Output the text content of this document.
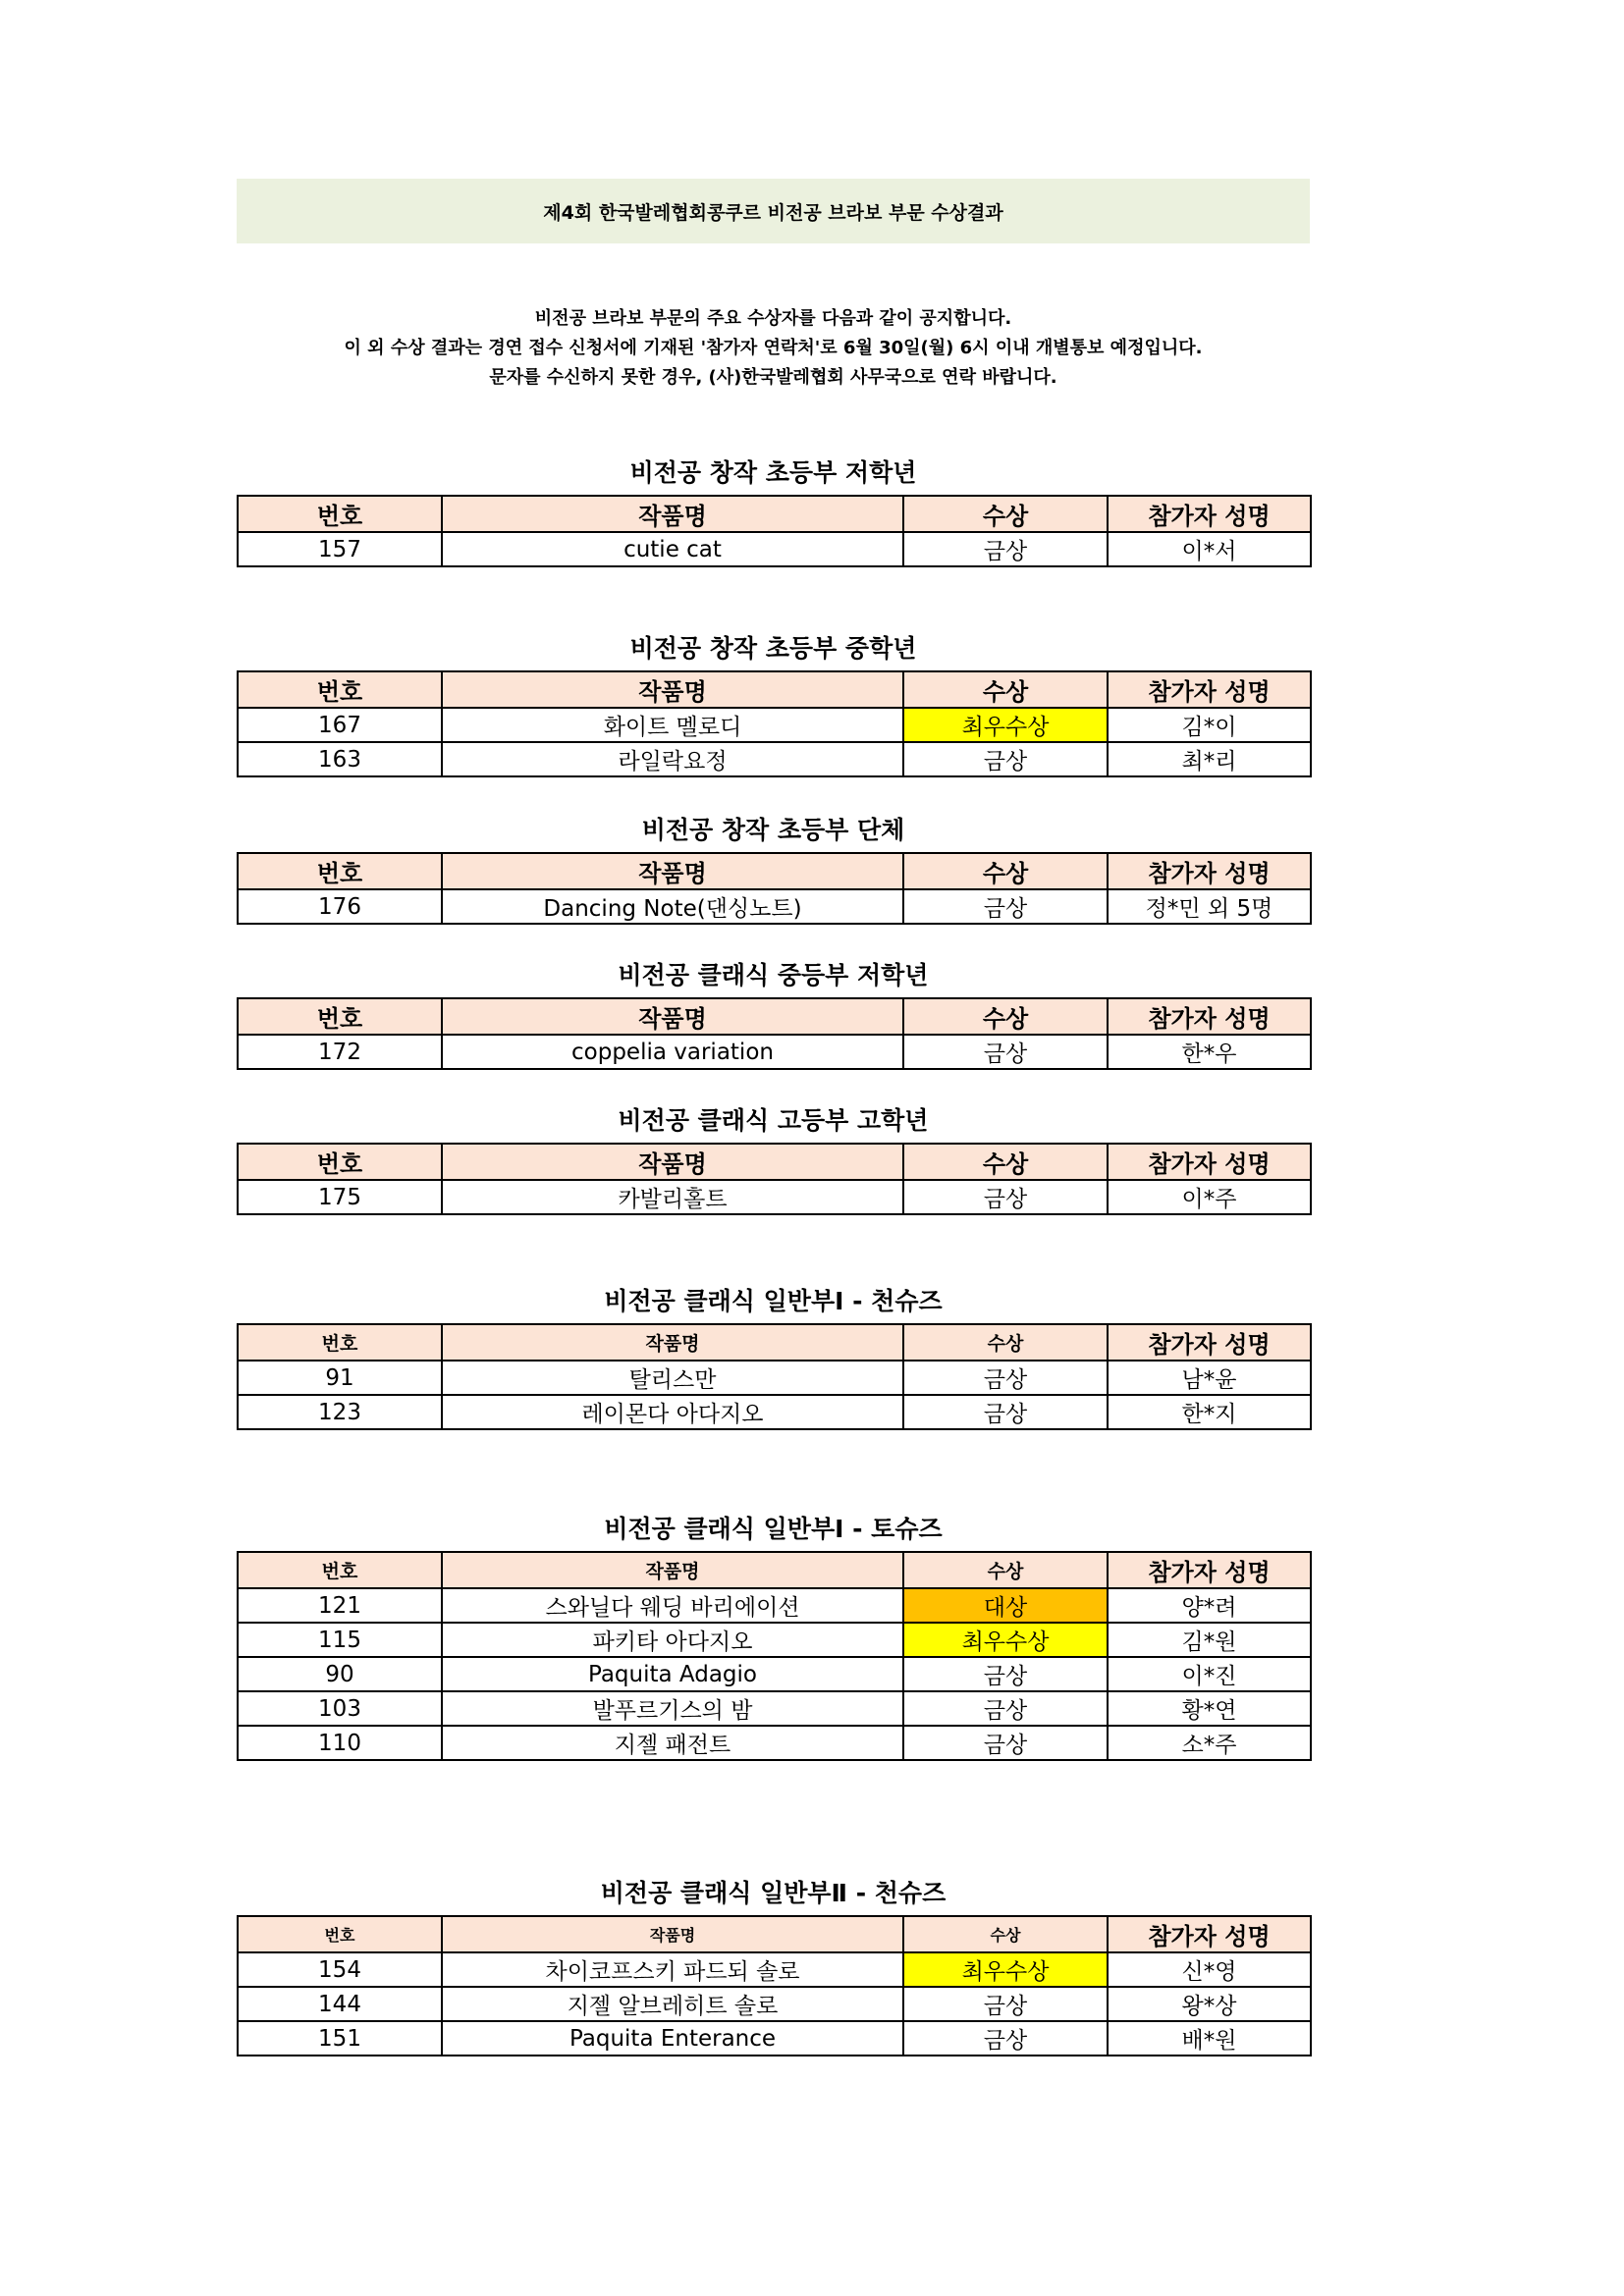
제4회 한국발레협회콩쿠르 비전공 브라보 부문 수상결과
비전공 브라보 부문의 주요 수상자를 다음과 같이 공지합니다.
이 외 수상 결과는 경연 접수 신청서에 기재된 '참가자 연락처'로 6월 30일(월) 6시 이내 개별통보 예정입니다.
문자를 수신하지 못한 경우, (사)한국발레협회 사무국으로 연락 바랍니다.
비전공 창작 초등부 저학년
번호	작품명	수상	참가자 성명
157	cutie cat	금상	이*서
비전공 창작 초등부 중학년
번호	작품명	수상	참가자 성명
167	화이트 멜로디	최우수상	김*이
163	라일락요정	금상	최*리
비전공 창작 초등부 단체
번호	작품명	수상	참가자 성명
176	Dancing Note(댄싱노트)	금상	정*민 외 5명
비전공 클래식 중등부 저학년
번호	작품명	수상	참가자 성명
172	coppelia variation	금상	한*우
비전공 클래식 고등부 고학년
번호	작품명	수상	참가자 성명
175	카발리홀트	금상	이*주
비전공 클래식 일반부Ⅰ - 천슈즈
번호	작품명	수상	참가자 성명
91	탈리스만	금상	남*윤
123	레이몬다 아다지오	금상	한*지
비전공 클래식 일반부Ⅰ - 토슈즈
번호	작품명	수상	참가자 성명
121	스와닐다 웨딩 바리에이션	대상	양*려
115	파키타 아다지오	최우수상	김*원
90	Paquita Adagio	금상	이*진
103	발푸르기스의 밤	금상	황*연
110	지젤 패전트	금상	소*주
비전공 클래식 일반부Ⅱ - 천슈즈
번호	작품명	수상	참가자 성명
154	차이코프스키 파드되 솔로	최우수상	신*영
144	지젤 알브레히트 솔로	금상	왕*상
151	Paquita Enterance	금상	배*원
